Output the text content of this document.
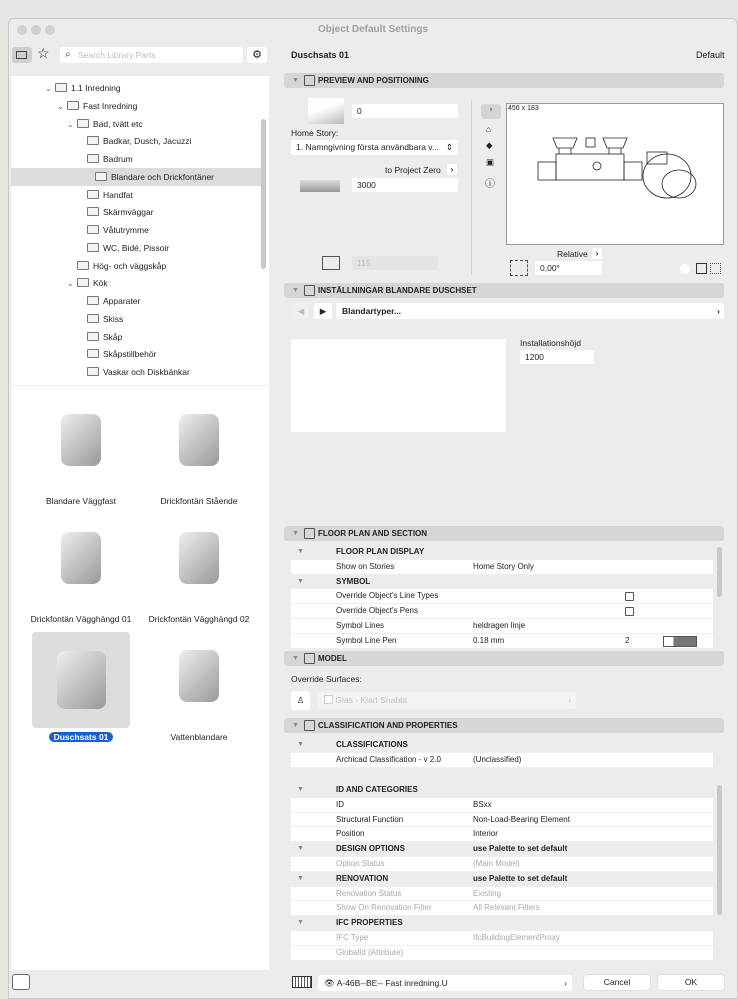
Object Default Settings
☆ ⌕ Search Library Parts	⚙
⌄ 1.1 Inredning
⌄ Fast Inredning
⌄ Bad, tvätt etc
Badkar, Dusch, Jacuzzi
Badrum
Blandare och Drickfontäner
Handfat
Skärmväggar
Våtutrymme
WC, Bidé, Pissoir
Hög- och väggskåp
⌄ Kök
Apparater
Skiss
Skåp
Skåpstillbehör
Vaskar och Diskbänkar
Blandare Väggfast	Drickfontän Stående
Drickfontän Vägghängd 01	Drickfontän Vägghängd 02
Duschsats 01	Vattenblandare
Duschsats 01	Default
▼ PREVIEW AND POSITIONING
0
Home Story:
1. Namngivning första användbara v... ⇕
to Project Zero	›
3000
115
▫
⌂
◆
▣
ⓘ
456 x 183
Relative ›
0,00°
▼ INSTÄLLNINGAR BLANDARE DUSCHSET
◀	▶	Blandartyper...	›
Installationshöjd
1200
▼ FLOOR PLAN AND SECTION
▼	FLOOR PLAN DISPLAY
Show on Stories	Home Story Only
▼	SYMBOL
Override Object's Line Types
Override Object's Pens
Symbol Lines	heldragen linje
Symbol Line Pen	0.18 mm	2
▼ MODEL
Override Surfaces:
♙	Glas - Klart Snabbt	›
▼ CLASSIFICATION AND PROPERTIES
▼	CLASSIFICATIONS
Archicad Classification - v 2.0	(Unclassified)
▼	ID AND CATEGORIES
ID	BSxx
Structural Function	Non-Load-Bearing Element
Position	Interior
▼	DESIGN OPTIONS	use Palette to set default
Option Status	(Main Model)
▼	RENOVATION	use Palette to set default
Renovation Status	Existing
Show On Renovation Filter	All Relevant Filters
▼	IFC PROPERTIES
IFC Type	IfcBuildingElementProxy
GlobalId (Attribute)
👁 A-46B--BE-- Fast inredning.U	›	Cancel	OK
